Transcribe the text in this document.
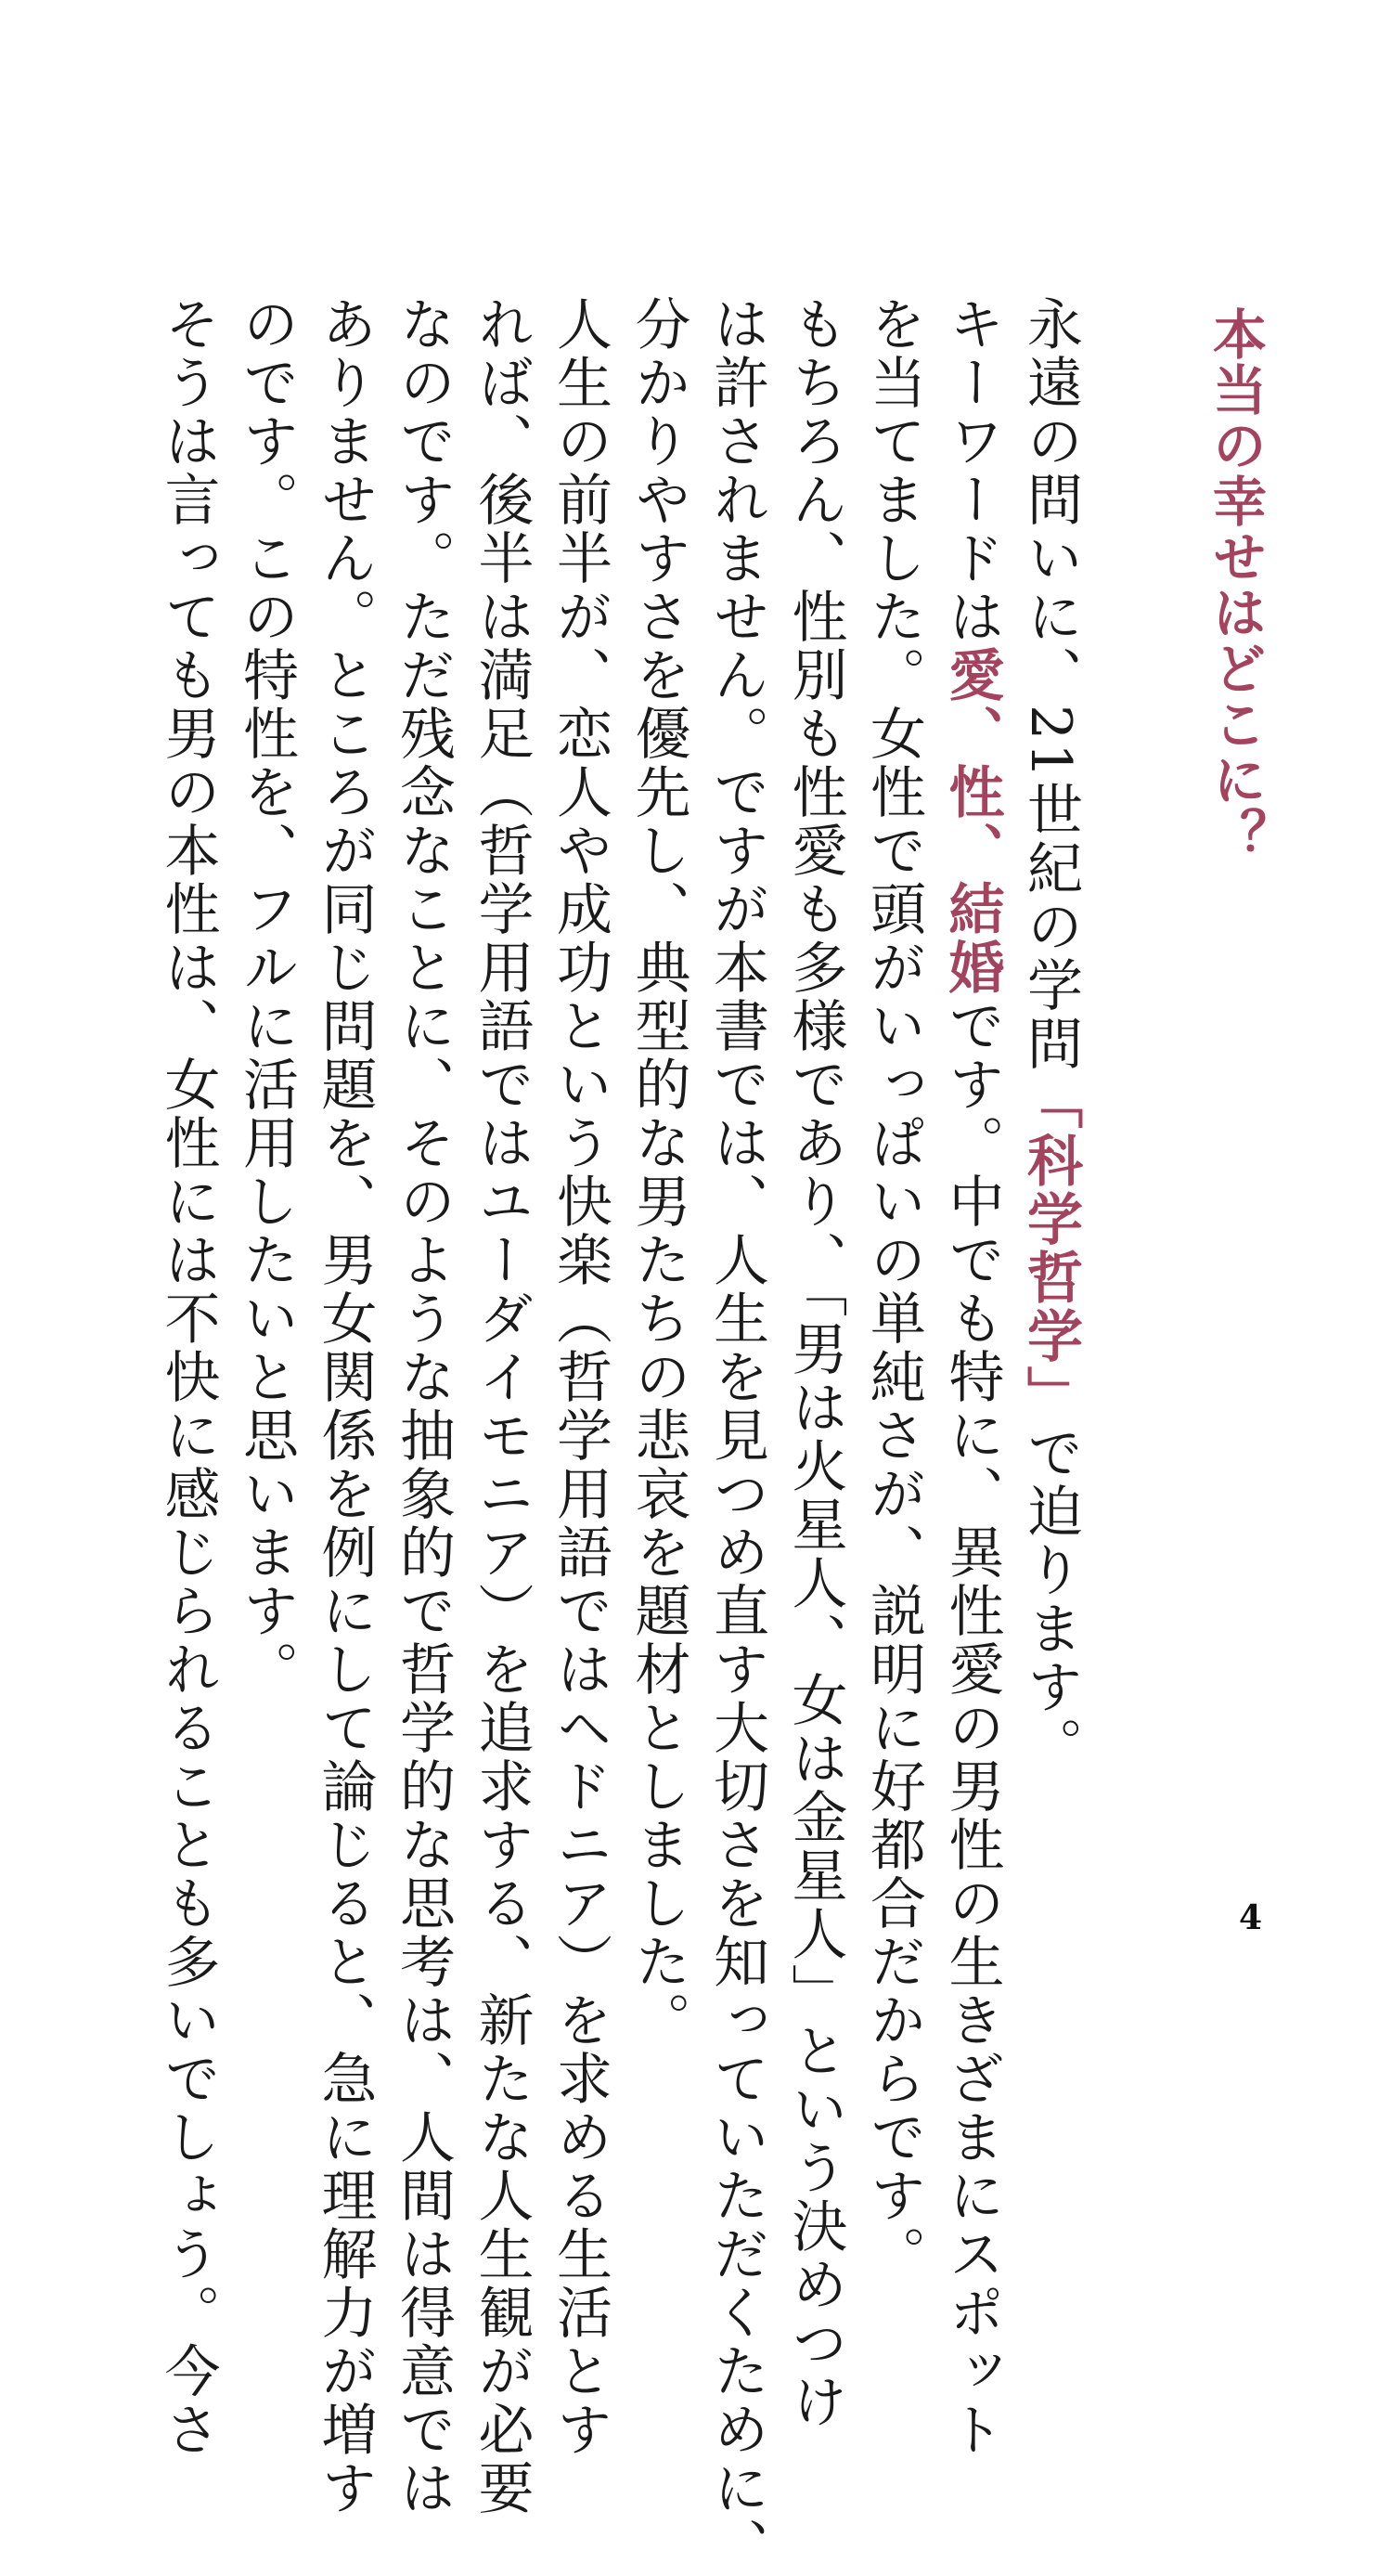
本当の幸せはどこに？
永遠の問いに、21世紀の学問「科学哲学」で迫ります。
キーワードは愛、性、結婚です。中でも特に、異性愛の男性の生きざまにスポット
を当てました。女性で頭がいっぱいの単純さが、説明に好都合だからです。
もちろん、性別も性愛も多様であり、「男は火星人、女は金星人」という決めつけ
は許されません。ですが本書では、人生を見つめ直す大切さを知っていただくために、
分かりやすさを優先し、典型的な男たちの悲哀を題材としました。
人生の前半が、恋人や成功という快楽（哲学用語ではヘドニア）を求める生活とす
れば、後半は満足（哲学用語ではユーダイモニア）を追求する、新たな人生観が必要
なのです。ただ残念なことに、そのような抽象的で哲学的な思考は、人間は得意では
ありません。ところが同じ問題を、男女関係を例にして論じると、急に理解力が増す
のです。この特性を、フルに活用したいと思います。
そうは言っても男の本性は、女性には不快に感じられることも多いでしょう。今さ	4
